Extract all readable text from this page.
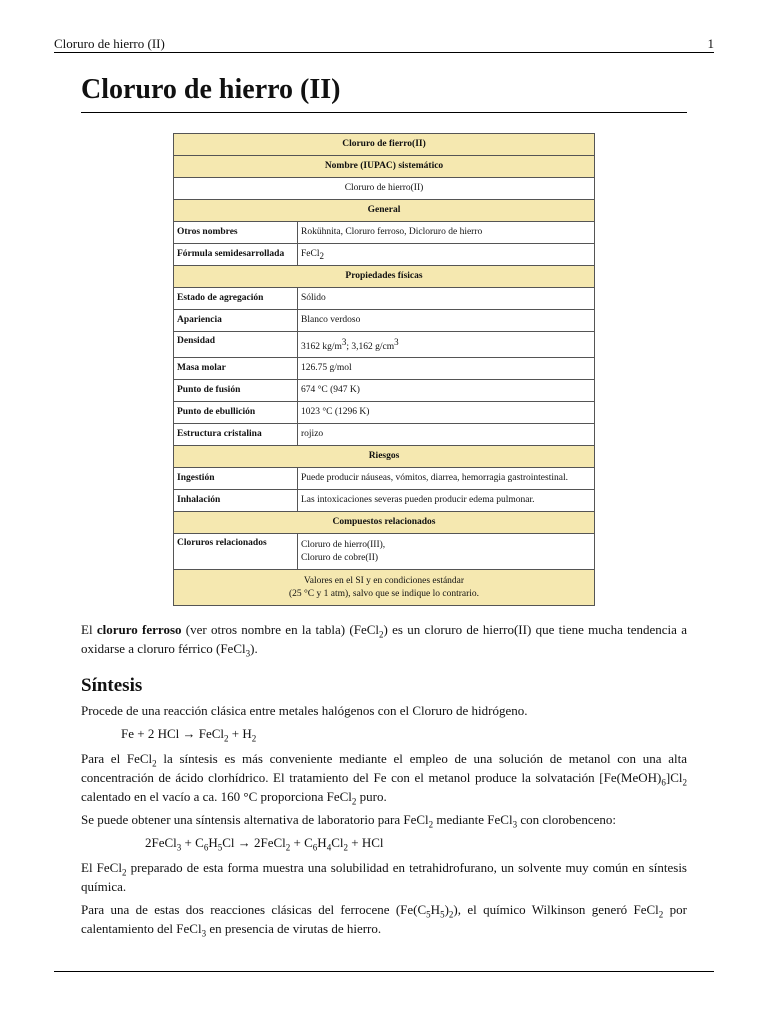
Cloruro de hierro (II)	1
Cloruro de hierro (II)
Cloruro de fierro(II)	
Nombre (IUPAC) sistemático	
Cloruro de hierro(II)	
General	
Otros nombres	Rokühnita, Cloruro ferroso, Dicloruro de hierro
Fórmula semidesarrollada	FeCl$_2$
Propiedades físicas	
Estado de agregación	Sólido
Apariencia	Blanco verdoso
Densidad	3162 $kg/m^3$; 3,162 $g/cm^3$
Masa molar	126.75 g/mol
Punto de fusión	674 °C (947 K)
Punto de ebullición	1023 °C (1296 K)
Estructura cristalina	rojizo
Riesgos	
Ingestión	Puede producir náuseas, vómitos, diarrea, hemorragia gastrointestinal.
Inhalación	Las intoxicaciones severas pueden producir edema pulmonar.
Compuestos relacionados	
Cloruros relacionados	Cloruro de hierro(III),
Cloruro de cobre(II)
Valores en el SI y en condiciones estándar
(25 °C y 1 atm), salvo que se indique lo contrario.	

El cloruro ferroso (ver otros nombre en la tabla) (FeCl$_2$) es un cloruro de hierro(II) que tiene mucha tendencia a oxidarse a cloruro férrico (FeCl$_3$).

Síntesis

Procede de una reacción clásica entre metales halógenos con el Cloruro de hidrógeno.

Fe + 2 HCl → FeCl$_2$ + $H_2$

Para el FeCl$_2$ la síntesis es más conveniente mediante el empleo de una solución de metanol con una alta concentración de ácido clorhídrico. El tratamiento del Fe con el metanol produce la solvatación $[Fe(MeOH)_6]Cl_2$ calentado en el vacío a ca. 160 °C proporciona FeCl$_2$ puro.

Se puede obtener una síntensis alternativa de laboratorio para FeCl$_2$ mediante FeCl$_3$ con clorobenceno:

2FeCl$_3$ + $C_6H_5Cl$ → 2FeCl$_2$ + $C_6H_4Cl_2$ + HCl

El FeCl$_2$ preparado de esta forma muestra una solubilidad en tetrahidrofurano, un solvente muy común en síntesis química.

Para una de estas dos reacciones clásicas del ferrocene $(Fe(C_5H_5)_2)$, el químico Wilkinson generó FeCl$_2$ por calentamiento del FeCl$_3$ en presencia de virutas de hierro.
